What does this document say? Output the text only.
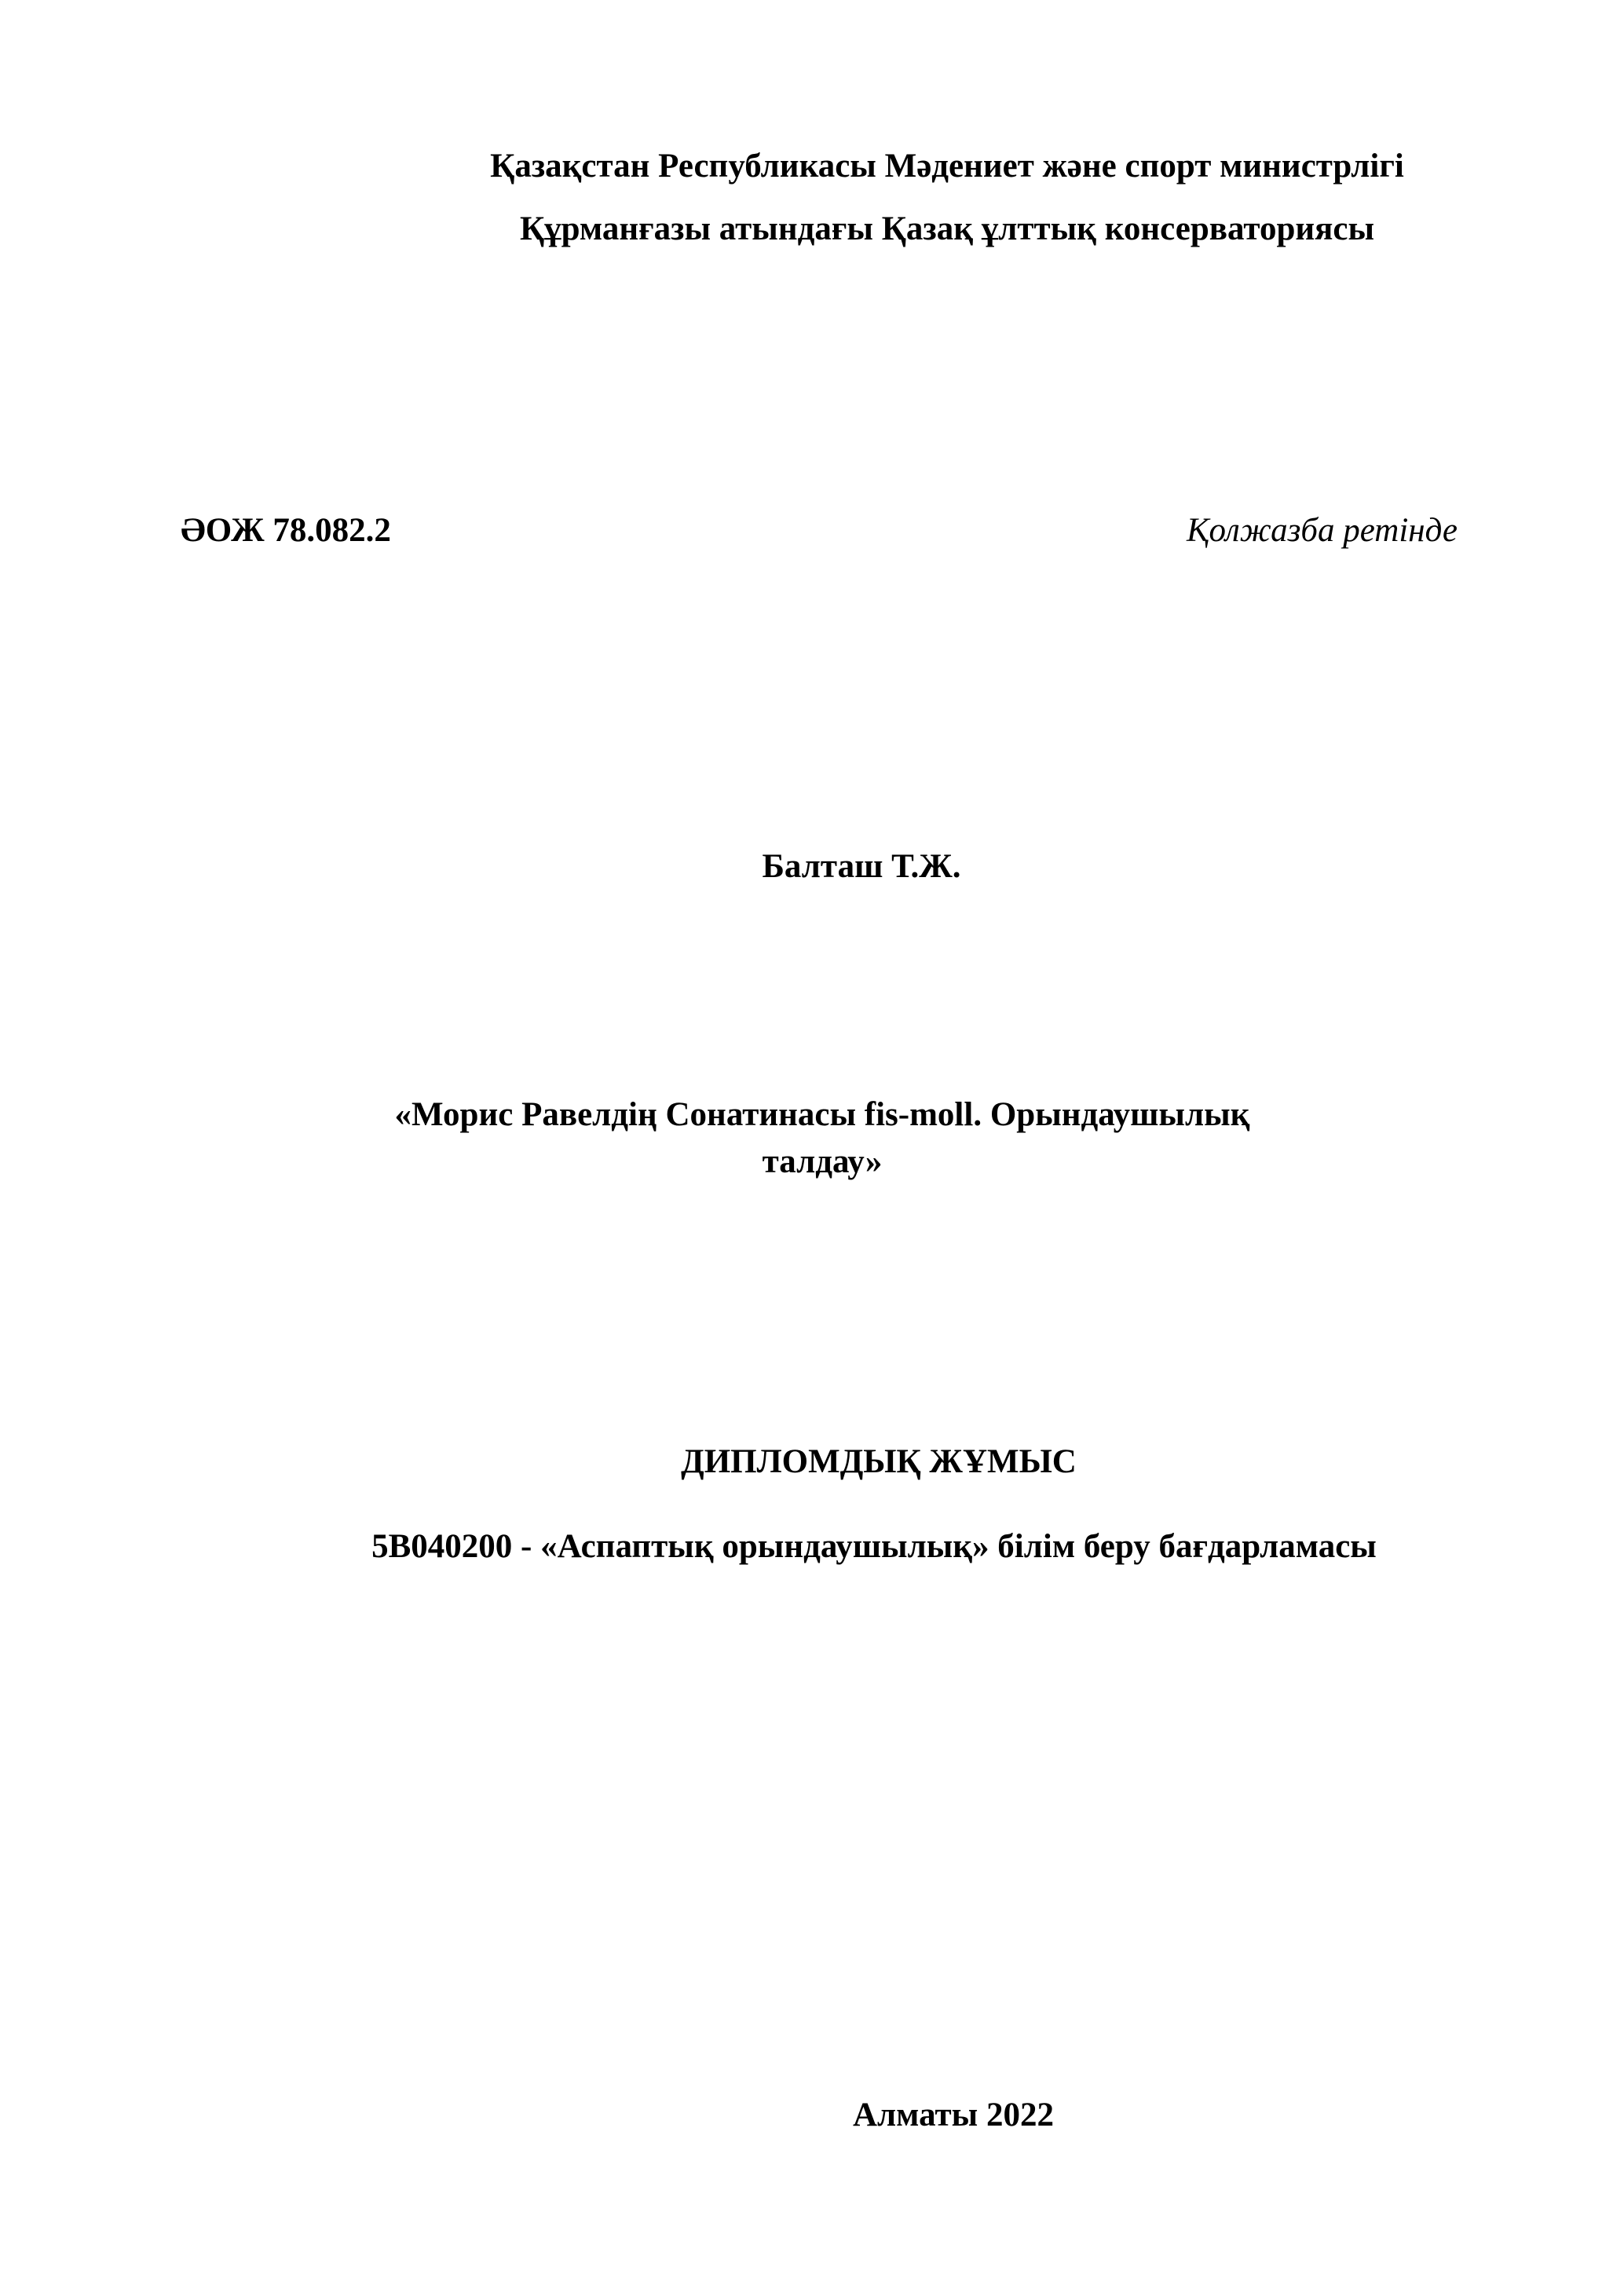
Қазақстан Республикасы Мәдениет және спорт министрлігі
Құрманғазы атындағы Қазақ ұлттық консерваториясы
ӘОЖ 78.082.2	Қолжазба ретінде
Балташ Т.Ж.
«Морис Равелдің Сонатинасы fis-moll. Орындаушылық
талдау»
ДИПЛОМДЫҚ ЖҰМЫС
5В040200 - «Аспаптық орындаушылық» білім беру бағдарламасы
Алматы 2022
